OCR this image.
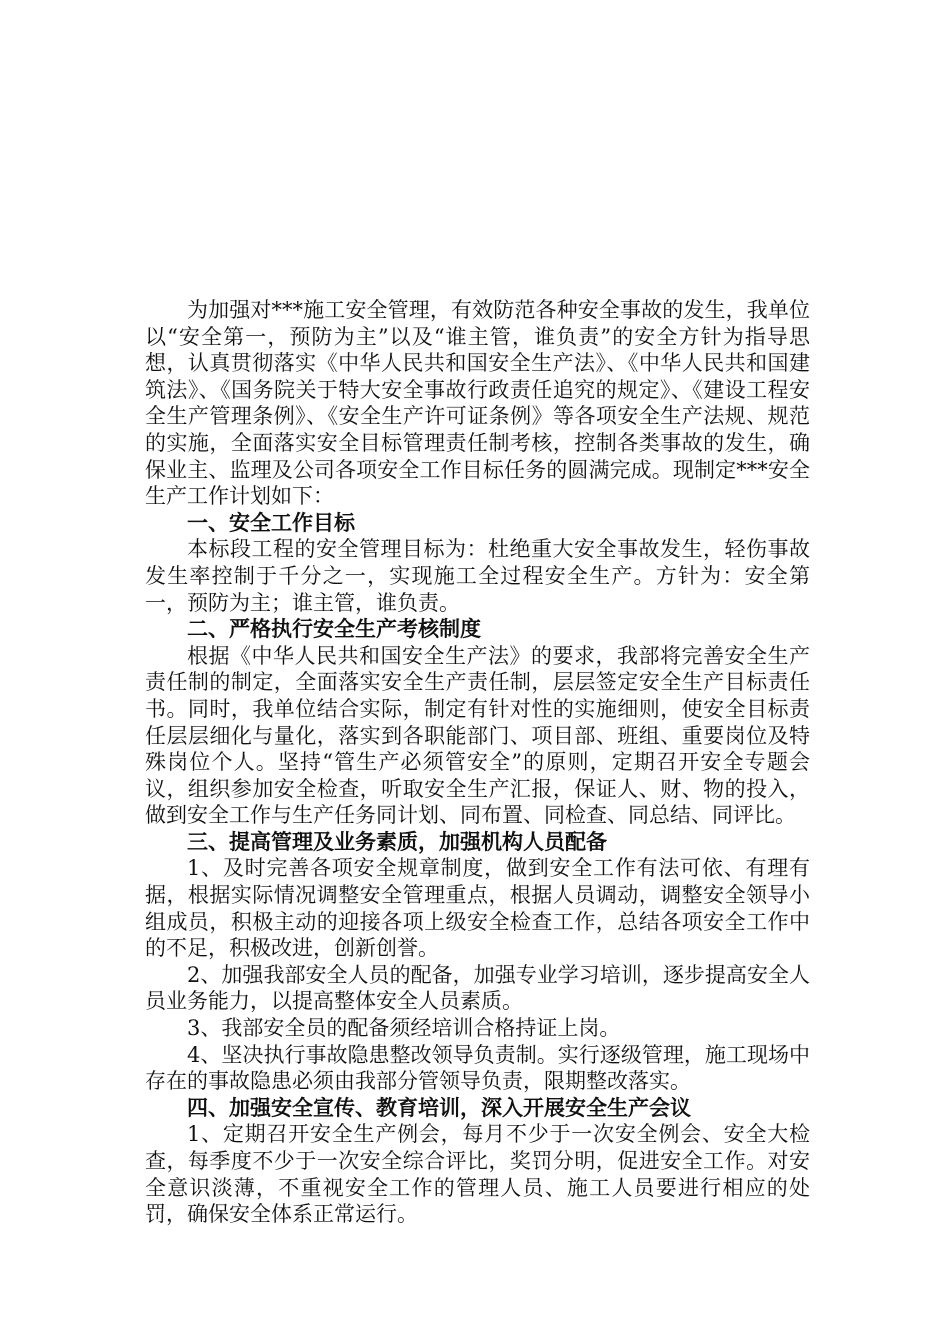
为加强对***施工安全管理，有效防范各种安全事故的发生，我单位以“安全第一，预防为主”以及“谁主管，谁负责”的安全方针为指导思想，认真贯彻落实《中华人民共和国安全生产法》、《中华人民共和国建筑法》、《国务院关于特大安全事故行政责任追究的规定》、《建设工程安全生产管理条例》、《安全生产许可证条例》等各项安全生产法规、规范的实施，全面落实安全目标管理责任制考核，控制各类事故的发生，确保业主、监理及公司各项安全工作目标任务的圆满完成。现制定***安全生产工作计划如下：

一、安全工作目标

本标段工程的安全管理目标为：杜绝重大安全事故发生，轻伤事故发生率控制于千分之一，实现施工全过程安全生产。方针为：安全第一，预防为主；谁主管，谁负责。

二、严格执行安全生产考核制度

根据《中华人民共和国安全生产法》的要求，我部将完善安全生产责任制的制定，全面落实安全生产责任制，层层签定安全生产目标责任书。同时，我单位结合实际，制定有针对性的实施细则，使安全目标责任层层细化与量化，落实到各职能部门、项目部、班组、重要岗位及特殊岗位个人。坚持“管生产必须管安全”的原则，定期召开安全专题会议，组织参加安全检查，听取安全生产汇报，保证人、财、物的投入，做到安全工作与生产任务同计划、同布置、同检查、同总结、同评比。

三、提高管理及业务素质，加强机构人员配备

1、及时完善各项安全规章制度，做到安全工作有法可依、有理有据，根据实际情况调整安全管理重点，根据人员调动，调整安全领导小组成员，积极主动的迎接各项上级安全检查工作，总结各项安全工作中的不足，积极改进，创新创誉。

2、加强我部安全人员的配备，加强专业学习培训，逐步提高安全人员业务能力，以提高整体安全人员素质。

3、我部安全员的配备须经培训合格持证上岗。

4、坚决执行事故隐患整改领导负责制。实行逐级管理，施工现场中存在的事故隐患必须由我部分管领导负责，限期整改落实。

四、加强安全宣传、教育培训，深入开展安全生产会议

1、定期召开安全生产例会，每月不少于一次安全例会、安全大检查，每季度不少于一次安全综合评比，奖罚分明，促进安全工作。对安全意识淡薄，不重视安全工作的管理人员、施工人员要进行相应的处罚，确保安全体系正常运行。
